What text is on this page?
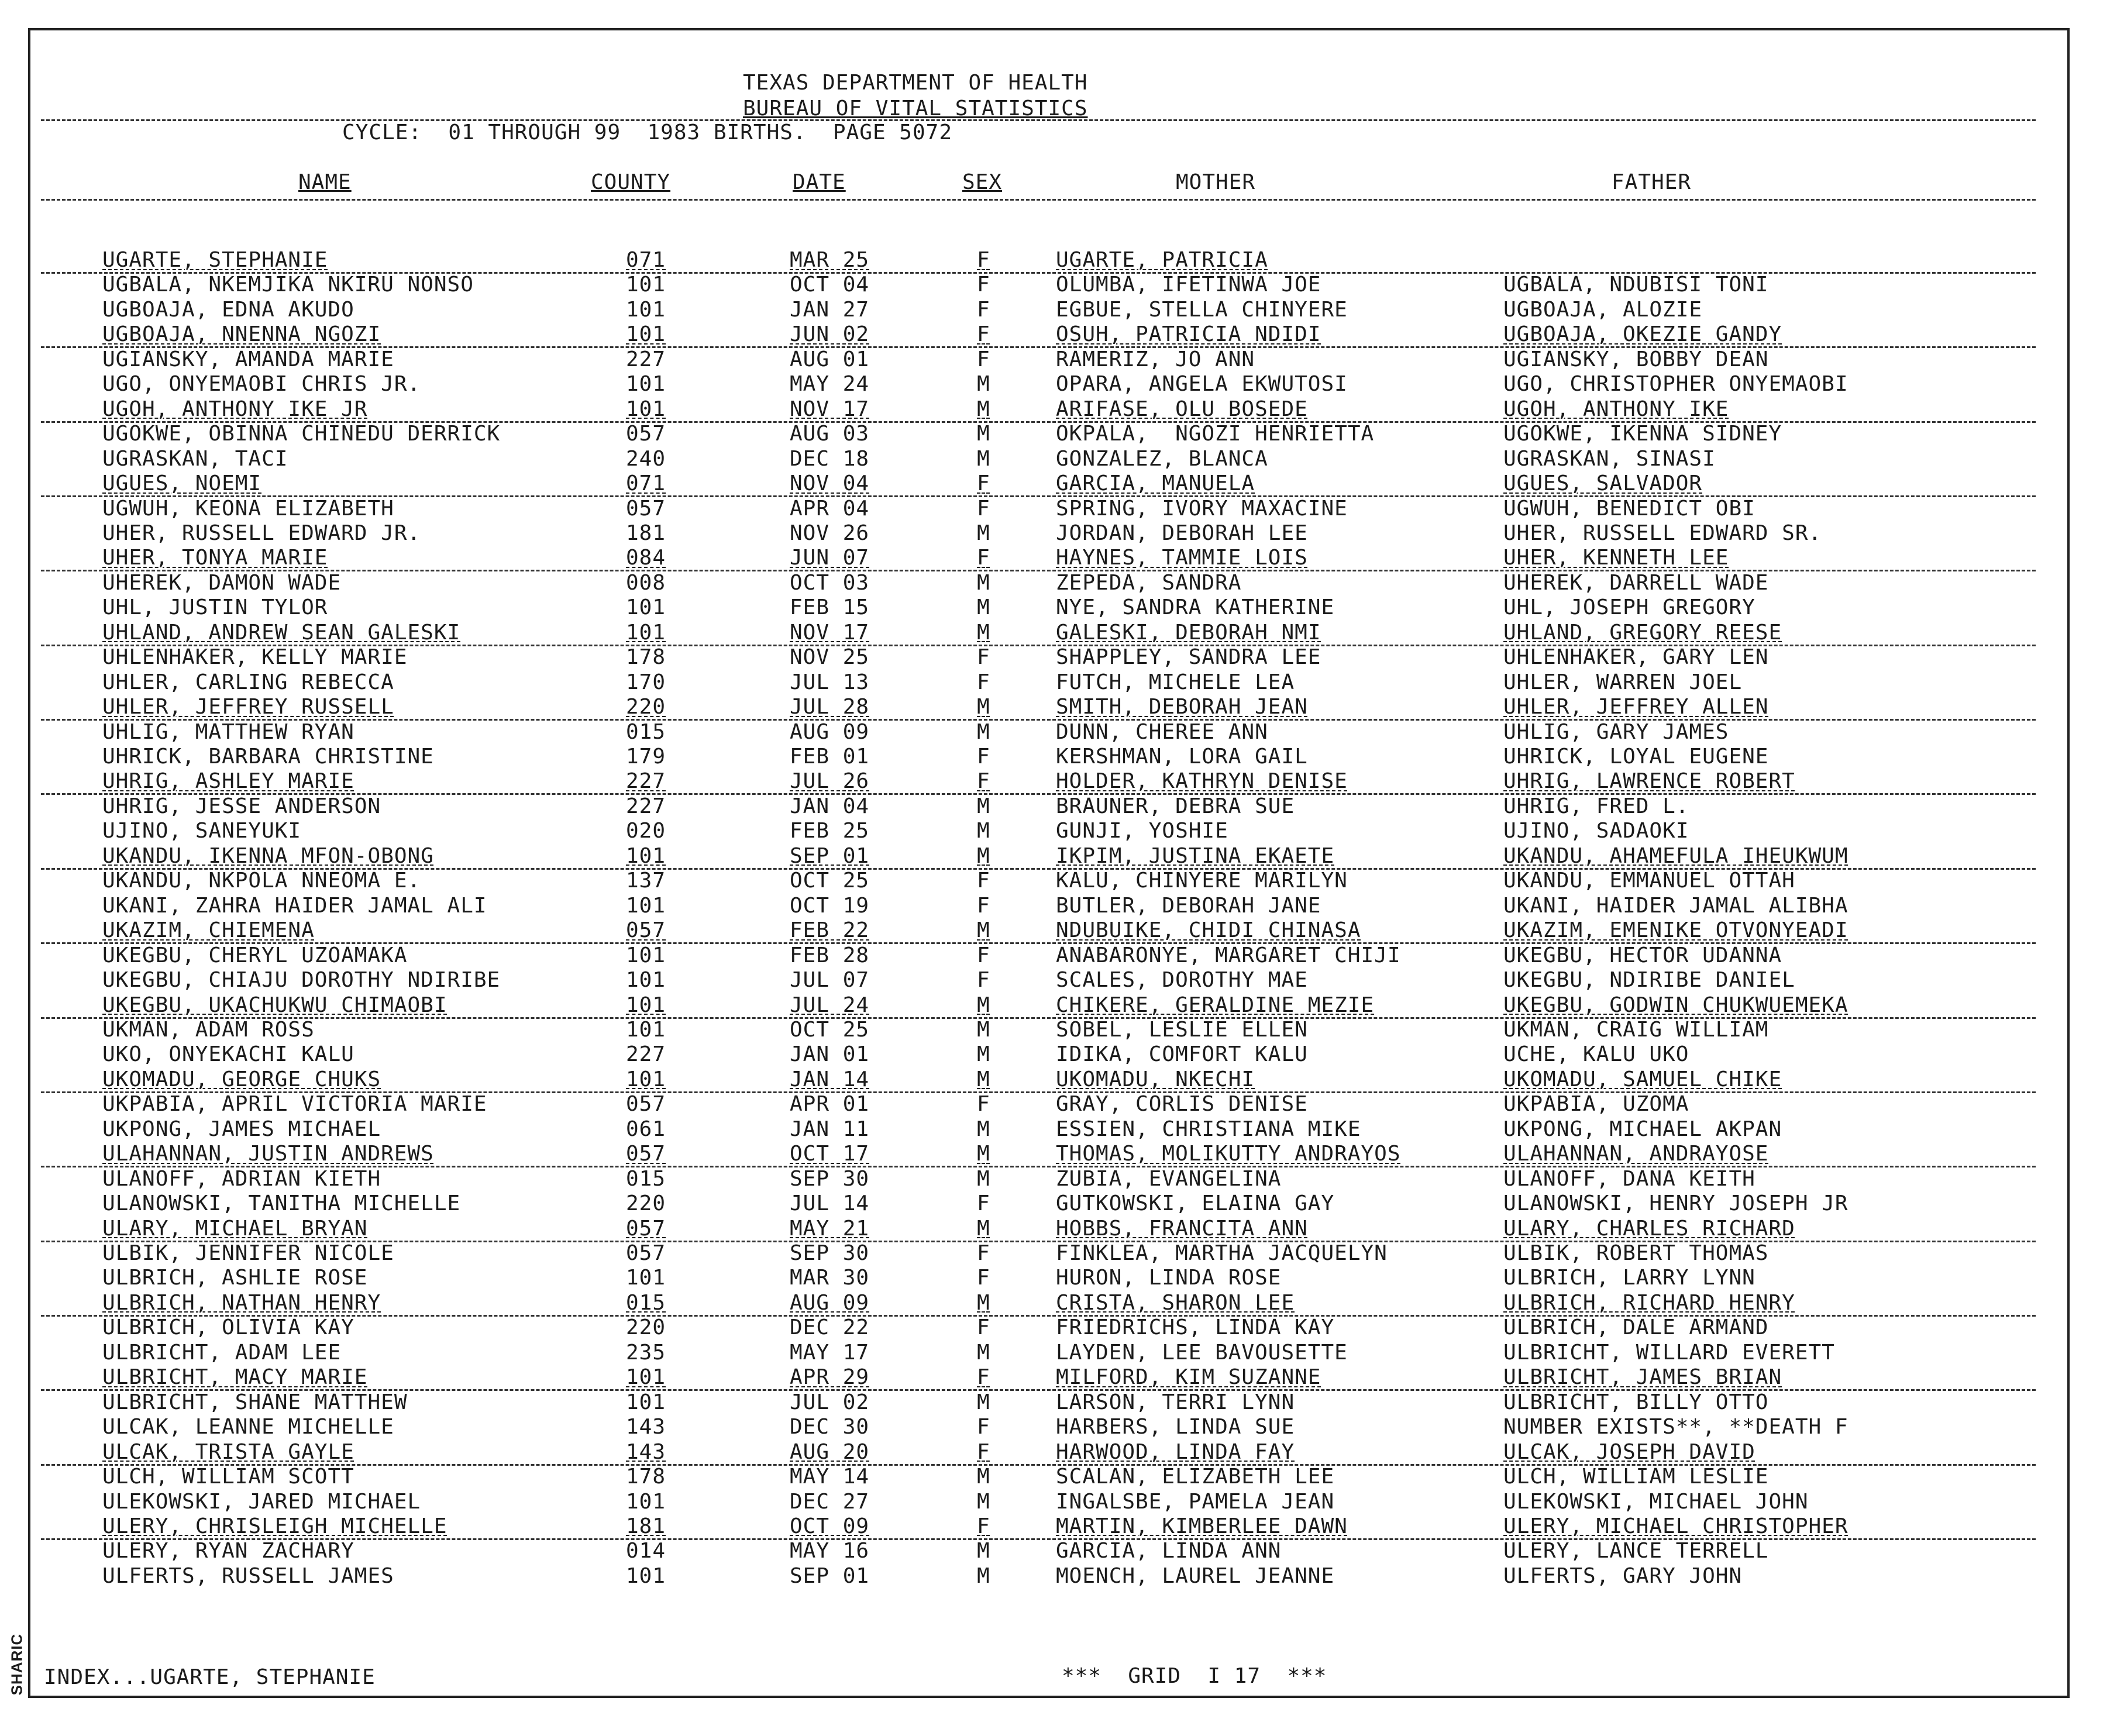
TEXAS DEPARTMENT OF HEALTH
BUREAU OF VITAL STATISTICS
CYCLE:  01 THROUGH 99  1983 BIRTHS.  PAGE 5072
NAME	COUNTY	DATE	SEX	MOTHER	FATHER
UGARTE, STEPHANIE	071	MAR 25	F	UGARTE, PATRICIA
UGBALA, NKEMJIKA NKIRU NONSO	101	OCT 04	F	OLUMBA, IFETINWA JOE	UGBALA, NDUBISI TONI
UGBOAJA, EDNA AKUDO	101	JAN 27	F	EGBUE, STELLA CHINYERE	UGBOAJA, ALOZIE
UGBOAJA, NNENNA NGOZI	101	JUN 02	F	OSUH, PATRICIA NDIDI	UGBOAJA, OKEZIE GANDY
UGIANSKY, AMANDA MARIE	227	AUG 01	F	RAMERIZ, JO ANN	UGIANSKY, BOBBY DEAN
UGO, ONYEMAOBI CHRIS JR.	101	MAY 24	M	OPARA, ANGELA EKWUTOSI	UGO, CHRISTOPHER ONYEMAOBI
UGOH, ANTHONY IKE JR	101	NOV 17	M	ARIFASE, OLU BOSEDE	UGOH, ANTHONY IKE
UGOKWE, OBINNA CHINEDU DERRICK	057	AUG 03	M	OKPALA,  NGOZI HENRIETTA	UGOKWE, IKENNA SIDNEY
UGRASKAN, TACI	240	DEC 18	M	GONZALEZ, BLANCA	UGRASKAN, SINASI
UGUES, NOEMI	071	NOV 04	F	GARCIA, MANUELA	UGUES, SALVADOR
UGWUH, KEONA ELIZABETH	057	APR 04	F	SPRING, IVORY MAXACINE	UGWUH, BENEDICT OBI
UHER, RUSSELL EDWARD JR.	181	NOV 26	M	JORDAN, DEBORAH LEE	UHER, RUSSELL EDWARD SR.
UHER, TONYA MARIE	084	JUN 07	F	HAYNES, TAMMIE LOIS	UHER, KENNETH LEE
UHEREK, DAMON WADE	008	OCT 03	M	ZEPEDA, SANDRA	UHEREK, DARRELL WADE
UHL, JUSTIN TYLOR	101	FEB 15	M	NYE, SANDRA KATHERINE	UHL, JOSEPH GREGORY
UHLAND, ANDREW SEAN GALESKI	101	NOV 17	M	GALESKI, DEBORAH NMI	UHLAND, GREGORY REESE
UHLENHAKER, KELLY MARIE	178	NOV 25	F	SHAPPLEY, SANDRA LEE	UHLENHAKER, GARY LEN
UHLER, CARLING REBECCA	170	JUL 13	F	FUTCH, MICHELE LEA	UHLER, WARREN JOEL
UHLER, JEFFREY RUSSELL	220	JUL 28	M	SMITH, DEBORAH JEAN	UHLER, JEFFREY ALLEN
UHLIG, MATTHEW RYAN	015	AUG 09	M	DUNN, CHEREE ANN	UHLIG, GARY JAMES
UHRICK, BARBARA CHRISTINE	179	FEB 01	F	KERSHMAN, LORA GAIL	UHRICK, LOYAL EUGENE
UHRIG, ASHLEY MARIE	227	JUL 26	F	HOLDER, KATHRYN DENISE	UHRIG, LAWRENCE ROBERT
UHRIG, JESSE ANDERSON	227	JAN 04	M	BRAUNER, DEBRA SUE	UHRIG, FRED L.
UJINO, SANEYUKI	020	FEB 25	M	GUNJI, YOSHIE	UJINO, SADAOKI
UKANDU, IKENNA MFON-OBONG	101	SEP 01	M	IKPIM, JUSTINA EKAETE	UKANDU, AHAMEFULA IHEUKWUM
UKANDU, NKPOLA NNEOMA E.	137	OCT 25	F	KALU, CHINYERE MARILYN	UKANDU, EMMANUEL OTTAH
UKANI, ZAHRA HAIDER JAMAL ALI	101	OCT 19	F	BUTLER, DEBORAH JANE	UKANI, HAIDER JAMAL ALIBHA
UKAZIM, CHIEMENA	057	FEB 22	M	NDUBUIKE, CHIDI CHINASA	UKAZIM, EMENIKE OTVONYEADI
UKEGBU, CHERYL UZOAMAKA	101	FEB 28	F	ANABARONYE, MARGARET CHIJI	UKEGBU, HECTOR UDANNA
UKEGBU, CHIAJU DOROTHY NDIRIBE	101	JUL 07	F	SCALES, DOROTHY MAE	UKEGBU, NDIRIBE DANIEL
UKEGBU, UKACHUKWU CHIMAOBI	101	JUL 24	M	CHIKERE, GERALDINE MEZIE	UKEGBU, GODWIN CHUKWUEMEKA
UKMAN, ADAM ROSS	101	OCT 25	M	SOBEL, LESLIE ELLEN	UKMAN, CRAIG WILLIAM
UKO, ONYEKACHI KALU	227	JAN 01	M	IDIKA, COMFORT KALU	UCHE, KALU UKO
UKOMADU, GEORGE CHUKS	101	JAN 14	M	UKOMADU, NKECHI	UKOMADU, SAMUEL CHIKE
UKPABIA, APRIL VICTORIA MARIE	057	APR 01	F	GRAY, CORLIS DENISE	UKPABIA, UZOMA
UKPONG, JAMES MICHAEL	061	JAN 11	M	ESSIEN, CHRISTIANA MIKE	UKPONG, MICHAEL AKPAN
ULAHANNAN, JUSTIN ANDREWS	057	OCT 17	M	THOMAS, MOLIKUTTY ANDRAYOS	ULAHANNAN, ANDRAYOSE
ULANOFF, ADRIAN KIETH	015	SEP 30	M	ZUBIA, EVANGELINA	ULANOFF, DANA KEITH
ULANOWSKI, TANITHA MICHELLE	220	JUL 14	F	GUTKOWSKI, ELAINA GAY	ULANOWSKI, HENRY JOSEPH JR
ULARY, MICHAEL BRYAN	057	MAY 21	M	HOBBS, FRANCITA ANN	ULARY, CHARLES RICHARD
ULBIK, JENNIFER NICOLE	057	SEP 30	F	FINKLEA, MARTHA JACQUELYN	ULBIK, ROBERT THOMAS
ULBRICH, ASHLIE ROSE	101	MAR 30	F	HURON, LINDA ROSE	ULBRICH, LARRY LYNN
ULBRICH, NATHAN HENRY	015	AUG 09	M	CRISTA, SHARON LEE	ULBRICH, RICHARD HENRY
ULBRICH, OLIVIA KAY	220	DEC 22	F	FRIEDRICHS, LINDA KAY	ULBRICH, DALE ARMAND
ULBRICHT, ADAM LEE	235	MAY 17	M	LAYDEN, LEE BAVOUSETTE	ULBRICHT, WILLARD EVERETT
ULBRICHT, MACY MARIE	101	APR 29	F	MILFORD, KIM SUZANNE	ULBRICHT, JAMES BRIAN
ULBRICHT, SHANE MATTHEW	101	JUL 02	M	LARSON, TERRI LYNN	ULBRICHT, BILLY OTTO
ULCAK, LEANNE MICHELLE	143	DEC 30	F	HARBERS, LINDA SUE	NUMBER EXISTS**, **DEATH F
ULCAK, TRISTA GAYLE	143	AUG 20	F	HARWOOD, LINDA FAY	ULCAK, JOSEPH DAVID
ULCH, WILLIAM SCOTT	178	MAY 14	M	SCALAN, ELIZABETH LEE	ULCH, WILLIAM LESLIE
ULEKOWSKI, JARED MICHAEL	101	DEC 27	M	INGALSBE, PAMELA JEAN	ULEKOWSKI, MICHAEL JOHN
ULERY, CHRISLEIGH MICHELLE	181	OCT 09	F	MARTIN, KIMBERLEE DAWN	ULERY, MICHAEL CHRISTOPHER
ULERY, RYAN ZACHARY	014	MAY 16	M	GARCIA, LINDA ANN	ULERY, LANCE TERRELL
ULFERTS, RUSSELL JAMES	101	SEP 01	M	MOENCH, LAUREL JEANNE	ULFERTS, GARY JOHN
INDEX...UGARTE, STEPHANIE	***  GRID  I 17  ***
SHARIC
